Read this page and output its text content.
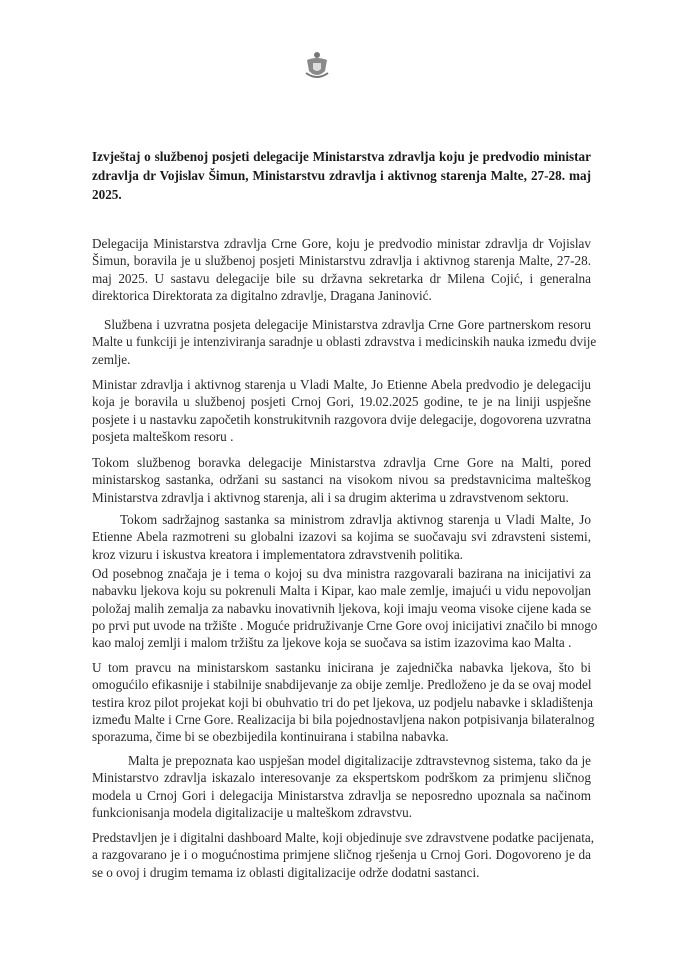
Izvještaj o službenoj posjeti delegacije Ministarstva zdravlja koju je predvodio ministar
zdravlja dr Vojislav Šimun, Ministarstvu zdravlja i aktivnog starenja Malte, 27-28. maj
2025.
Delegacija Ministarstva zdravlja Crne Gore, koju je predvodio ministar zdravlja dr Vojislav
Šimun, boravila je u službenoj posjeti Ministarstvu zdravlja i aktivnog starenja Malte, 27-28.
maj 2025. U sastavu delegacije bile su državna sekretarka dr Milena Cojić, i generalna
direktorica Direktorata za digitalno zdravlje, Dragana Janinović.
Službena i uzvratna posjeta delegacije Ministarstva zdravlja Crne Gore partnerskom resoru
Malte u funkciji je intenziviranja saradnje u oblasti zdravstva i medicinskih nauka između dvije
zemlje.
Ministar zdravlja i aktivnog starenja u Vladi Malte, Jo Etienne Abela predvodio je delegaciju
koja je boravila u službenoj posjeti Crnoj Gori, 19.02.2025 godine, te je na liniji uspješne
posjete i u nastavku započetih konstrukitvnih razgovora dvije delegacije, dogovorena uzvratna
posjeta malteškom resoru .
Tokom službenog boravka delegacije Ministarstva zdravlja Crne Gore na Malti, pored
ministarskog sastanka, održani su sastanci na visokom nivou sa predstavnicima malteškog
Ministarstva zdravlja i aktivnog starenja, ali i sa drugim akterima u zdravstvenom sektoru.
Tokom sadržajnog sastanka sa ministrom zdravlja aktivnog starenja u Vladi Malte, Jo
Etienne Abela razmotreni su globalni izazovi sa kojima se suočavaju svi zdravsteni sistemi,
kroz vizuru i iskustva kreatora i implementatora zdravstvenih politika.
Od posebnog značaja je i tema o kojoj su dva ministra razgovarali bazirana na inicijativi za
nabavku ljekova koju su pokrenuli Malta i Kipar, kao male zemlje, imajući u vidu nepovoljan
položaj malih zemalja za nabavku inovativnih ljekova, koji imaju veoma visoke cijene kada se
po prvi put uvode na tržište . Moguće pridruživanje Crne Gore ovoj inicijativi značilo bi mnogo
kao maloj zemlji i malom tržištu za ljekove koja se suočava sa istim izazovima kao Malta .
U tom pravcu na ministarskom sastanku inicirana je zajednička nabavka ljekova, što bi
omogućilo efikasnije i stabilnije snabdijevanje za obije zemlje. Predloženo je da se ovaj model
testira kroz pilot projekat koji bi obuhvatio tri do pet ljekova, uz podjelu nabavke i skladištenja
između Malte i Crne Gore. Realizacija bi bila pojednostavljena nakon potpisivanja bilateralnog
sporazuma, čime bi se obezbijedila kontinuirana i stabilna nabavka.
Malta je prepoznata kao uspješan model digitalizacije zdtravstevnog sistema, tako da je
Ministarstvo zdravlja iskazalo interesovanje za ekspertskom podrškom za primjenu sličnog
modela u Crnoj Gori i delegacija Ministarstva zdravlja se neposredno upoznala sa načinom
funkcionisanja modela digitalizacije u malteškom zdravstvu.
Predstavljen je i digitalni dashboard Malte, koji objedinuje sve zdravstvene podatke pacijenata,
a razgovarano je i o mogućnostima primjene sličnog rješenja u Crnoj Gori. Dogovoreno je da
se o ovoj i drugim temama iz oblasti digitalizacije održe dodatni sastanci.
